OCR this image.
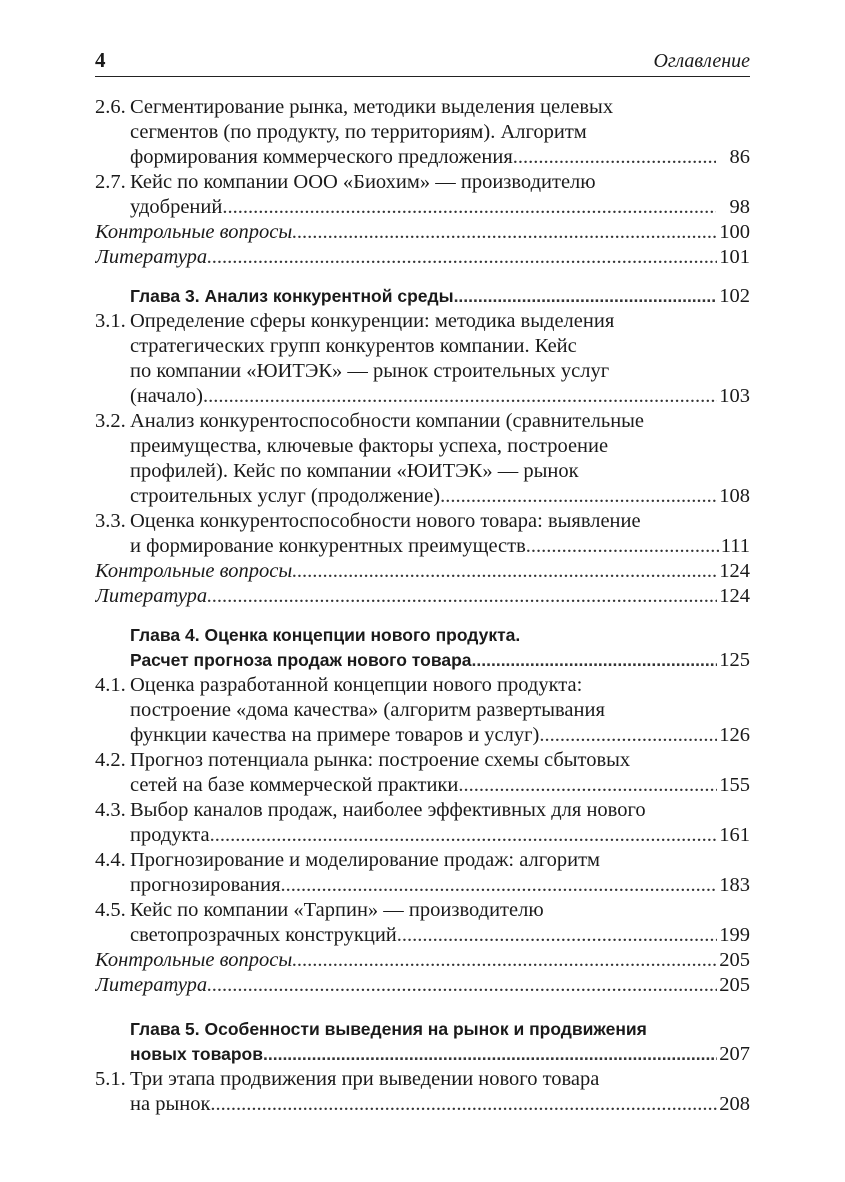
4	Оглавление
2.6. Сегментирование рынка, методики выделения целевых
сегментов (по продукту, по территориям). Алгоритм
формирования коммерческого предложения .....	86
2.7. Кейс по компании ООО «Биохим» — производителю
удобрений .....	98
Контрольные вопросы .....	100
Литература .....	101
Глава 3. Анализ конкурентной среды .....	102
3.1. Определение сферы конкуренции: методика выделения
стратегических групп конкурентов компании. Кейс
по компании «ЮИТЭК» — рынок строительных услуг
(начало) .....	103
3.2. Анализ конкурентоспособности компании (сравнительные
преимущества, ключевые факторы успеха, построение
профилей). Кейс по компании «ЮИТЭК» — рынок
строительных услуг (продолжение) .....	108
3.3. Оценка конкурентоспособности нового товара: выявление
и формирование конкурентных преимуществ .....	111
Контрольные вопросы .....	124
Литература .....	124
Глава 4. Оценка концепции нового продукта.
Расчет прогноза продаж нового товара .....	125
4.1. Оценка разработанной концепции нового продукта:
построение «дома качества» (алгоритм развертывания
функции качества на примере товаров и услуг) .....	126
4.2. Прогноз потенциала рынка: построение схемы сбытовых
сетей на базе коммерческой практики .....	155
4.3. Выбор каналов продаж, наиболее эффективных для нового
продукта .....	161
4.4. Прогнозирование и моделирование продаж: алгоритм
прогнозирования .....	183
4.5. Кейс по компании «Тарпин» — производителю
светопрозрачных конструкций .....	199
Контрольные вопросы .....	205
Литература .....	205
Глава 5. Особенности выведения на рынок и продвижения
новых товаров .....	207
5.1. Три этапа продвижения при выведении нового товара
на рынок .....	208
